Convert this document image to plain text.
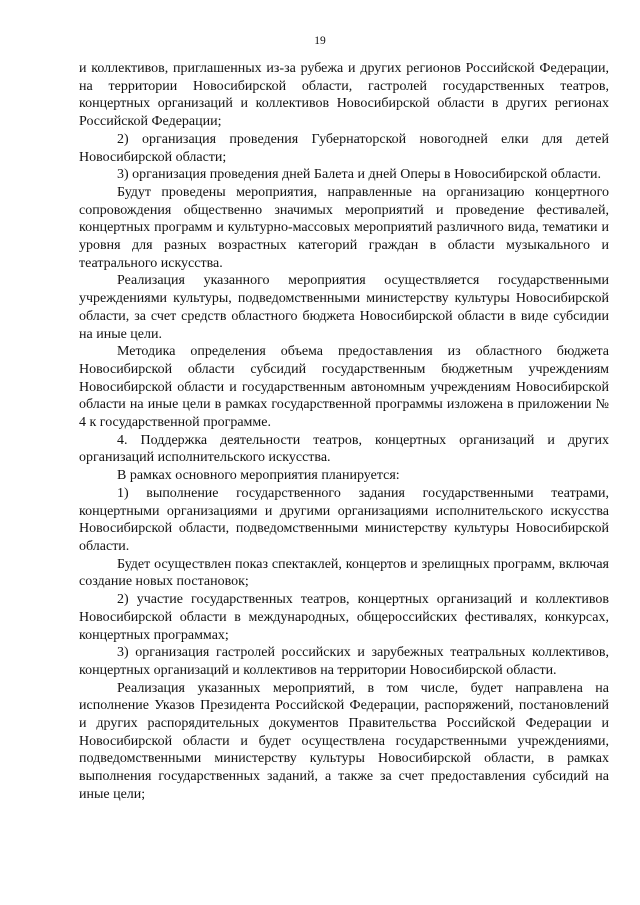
19

и коллективов, приглашенных из-за рубежа и других регионов Российской Федерации, на территории Новосибирской области, гастролей государственных театров, концертных организаций и коллективов Новосибирской области в других регионах Российской Федерации;

2) организация проведения Губернаторской новогодней елки для детей Новосибирской области;

3) организация проведения дней Балета и дней Оперы в Новосибирской области.

Будут проведены мероприятия, направленные на организацию концертного сопровождения общественно значимых мероприятий и проведение фестивалей, концертных программ и культурно-массовых мероприятий различного вида, тематики и уровня для разных возрастных категорий граждан в области музыкального и театрального искусства.

Реализация указанного мероприятия осуществляется государственными учреждениями культуры, подведомственными министерству культуры Новосибирской области, за счет средств областного бюджета Новосибирской области в виде субсидии на иные цели.

Методика определения объема предоставления из областного бюджета Новосибирской области субсидий государственным бюджетным учреждениям Новосибирской области и государственным автономным учреждениям Новосибирской области на иные цели в рамках государственной программы изложена в приложении № 4 к государственной программе.

4. Поддержка деятельности театров, концертных организаций и других организаций исполнительского искусства.

В рамках основного мероприятия планируется:

1) выполнение государственного задания государственными театрами, концертными организациями и другими организациями исполнительского искусства Новосибирской области, подведомственными министерству культуры Новосибирской области.

Будет осуществлен показ спектаклей, концертов и зрелищных программ, включая создание новых постановок;

2) участие государственных театров, концертных организаций и коллективов Новосибирской области в международных, общероссийских фестивалях, конкурсах, концертных программах;

3) организация гастролей российских и зарубежных театральных коллективов, концертных организаций и коллективов на территории Новосибирской области.

Реализация указанных мероприятий, в том числе, будет направлена на исполнение Указов Президента Российской Федерации, распоряжений, постановлений и других распорядительных документов Правительства Российской Федерации и Новосибирской области и будет осуществлена государственными учреждениями, подведомственными министерству культуры Новосибирской области, в рамках выполнения государственных заданий, а также за счет предоставления субсидий на иные цели;
